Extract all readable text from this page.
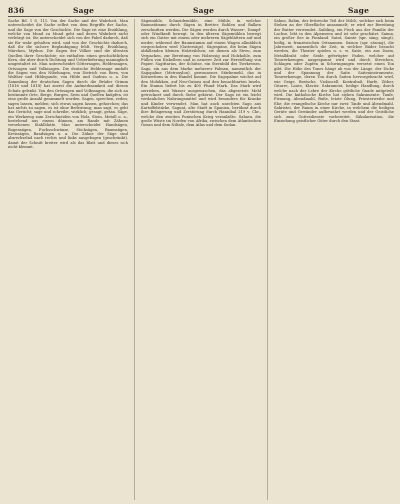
836	Sage	Sage	Sage

Sache Bd. 1 S. 111. Von der Sache und der Wahrheit. Man unterscheidet die Sache selbst von dem Begriffe der Sache, und die Sage von der Geschichte. Die Sage ist eine Erzählung, welche von Mund zu Mund geht und deren Wahrheit nicht verbürgt ist. Sie unterscheidet sich von der Fabel dadurch, daß sie für wahr gehalten wird, und von der Geschichte dadurch, daß ihr die sichere Beglaubigung fehlt. Vergl. Erzählung, Märchen, Mythus. Die Sagen der Völker sind die ältesten Quellen ihrer Geschichte; sie enthalten einen geschichtlichen Kern, der aber durch Dichtung und Ueberlieferung mannigfach umgestaltet ist. Man unterscheidet Göttersagen, Heldensagen, Ortssagen und Volkssagen. Die deutsche Heldensage umfaßt die Sagen von den Nibelungen, von Dietrich von Bern, von Walther und Hildegunde, von Hilde und Gudrun u. a. Die Sammlung der deutschen Sagen durch die Brüder Grimm (1816 und 1818) hat zuerst die Aufmerksamkeit auf diesen Schatz gelenkt. Von den Ortssagen und Volkssagen, die sich an bestimmte Orte, Berge, Burgen, Seen und Quellen knüpfen, ist eine große Anzahl gesammelt worden. Sagen, sprechen, reden; sagen lassen, melden; sich etwas sagen lassen, gehorchen; das hat nichts zu sagen, es ist ohne Bedeutung; man sagt, es geht das Gerücht; sage und schreibe, wirklich; gesagt, getan. Säge, ein Werkzeug zum Zerschneiden von Holz, Stein, Metall u. a., bestehend aus einem dünnen, am Rande mit Zähnen versehenen Stahlblatte. Man unterscheidet Handsägen, Bogensägen, Fuchsschwänze, Stichsägen, Baumsägen, Kreissägen, Bandsägen u. a. Die Zähne der Säge sind abwechselnd nach rechts und links ausgebogen (geschränkt), damit der Schnitt breiter wird als das Blatt und dieses sich nicht klemmt.

Sägemühle, Schneidemühle, eine Mühle, in welcher Baumstämme durch Sägen in Bretter, Bohlen und Balken zerschnitten werden. Die Sägen werden durch Wasser-, Dampf- oder Windkraft bewegt. In den älteren Sägemühlen bewegt sich ein Gatter mit einem oder mehreren Sägeblättern auf und nieder, während der Baumstamm auf einem Wagen allmählich vorgeschoben wird (Gattersäge). Sägespäne, die beim Sägen abfallenden kleinen Holzteilchen; sie dienen als Streu, zum Verpacken, zur Bereitung von Holzessig und Holzkohle, zum Füllen von Eiskellern und in neuerer Zeit zur Herstellung von Papier. Sagittarius, der Schütze, ein Sternbild des Tierkreises. Sago, ein aus dem Marke mehrerer Palmen, namentlich der Sagopalme (Metroxylon), gewonnenes Stärkemehl, das in Körnerform in den Handel kommt. Die Sagopalme wächst auf den Molukken, auf Neu-Guinea und den benachbarten Inseln. Ein Stamm liefert bis zu 400 Pfund Mark. Das Mark wird zerrieben, mit Wasser ausgewaschen, das abgesetzte Mehl getrocknet und durch Siebe gekörnt. Der Sago ist ein leicht verdauliches Nahrungsmittel und wird besonders für Kranke und Kinder verwendet. Man hat auch unechten Sago aus Kartoffelstärke. Sagunt, alte Stadt in Spanien, berühmt durch ihre Belagerung und Zerstörung durch Hannibal 219 v. Chr., welche den zweiten Punischen Krieg veranlaßte. Sahara, die große Wüste im Norden von Afrika, zwischen dem Atlantischen Ozean und dem Niltale, dem Atlas und dem Sudan.

Sahne, Rahm, der fettreiche Teil der Milch, welcher sich beim Stehen an der Oberfläche ansammelt; er wird zur Bereitung der Butter verwendet. Saibling, ein Fisch aus der Familie der Lachse, lebt in den Alpenseen und ist sehr geschätzt. Saima, ein großer See in Finnland. Saint, Sainte (spr. säng, sängt), heilig, in französischen Ortsnamen. Saison (spr. säsong), die Jahreszeit, namentlich die Zeit, in welcher Bäder besucht werden, die Theater spielen u. s. w. Saite, ein aus Darm, Metalldraht oder Seide gefertigter Faden, welcher auf Tonwerkzeugen ausgespannt wird und durch Streichen, Schlagen oder Zupfen in Schwingungen versetzt einen Ton gibt. Die Höhe des Tones hängt ab von der Länge, der Dicke und der Spannung der Saite. Saiteninstrumente, Tonwerkzeuge, deren Ton durch Saiten hervorgebracht wird, wie Geige, Bratsche, Violoncell, Kontrabaß, Harfe, Zither, Gitarre, Laute, Klavier. Sakrament, heilige Handlung, durch welche nach der Lehre der Kirche göttliche Gnade mitgeteilt wird. Die katholische Kirche hat sieben Sakramente: Taufe, Firmung, Abendmahl, Buße, letzte Ölung, Priesterweihe und Ehe; die evangelische Kirche nur zwei: Taufe und Abendmahl. Sakristei, der Raum in einer Kirche, in welchem die heiligen Geräte und Gewänder aufbewahrt werden und der Geistliche sich zum Gottesdienste vorbereitet. Säkularisation, die Einziehung geistlicher Güter durch den Staat.
